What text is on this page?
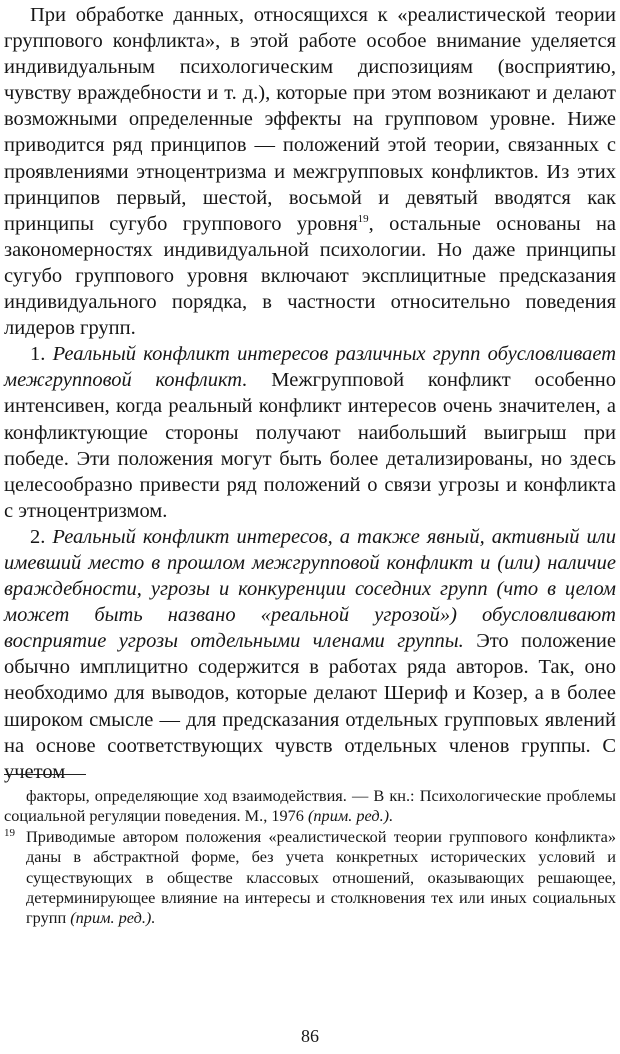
При обработке данных, относящихся к «реалистической теории группового конфликта», в этой работе особое внимание уделяется индивидуальным психологическим диспозициям (восприятию, чувству враждебности и т. д.), которые при этом возникают и делают возможными определенные эффекты на групповом уровне. Ниже приводится ряд принципов — положений этой теории, связанных с проявлениями этноцентризма и межгрупповых конфликтов. Из этих принципов первый, шестой, восьмой и девятый вводятся как принципы сугубо группового уровня$^{19}$, остальные основаны на закономерностях индивидуальной психологии. Но даже принципы сугубо группового уровня включают эксплицитные предсказания индивидуального порядка, в частности относительно поведения лидеров групп.

1. Реальный конфликт интересов различных групп обусловливает межгрупповой конфликт. Межгрупповой конфликт особенно интенсивен, когда реальный конфликт интересов очень значителен, а конфликтующие стороны получают наибольший выигрыш при победе. Эти положения могут быть более детализированы, но здесь целесообразно привести ряд положений о связи угрозы и конфликта с этноцентризмом.

2. Реальный конфликт интересов, а также явный, активный или имевший место в прошлом межгрупповой конфликт и (или) наличие враждебности, угрозы и конкуренции соседних групп (что в целом может быть названо «реальной угрозой») обусловливают восприятие угрозы отдельными членами группы. Это положение обычно имплицитно содержится в работах ряда авторов. Так, оно необходимо для выводов, которые делают Шериф и Козер, а в более широком смысле — для предсказания отдельных групповых явлений на основе соответствующих чувств отдельных членов группы. С учетом

факторы, определяющие ход взаимодействия. — В кн.: Психологические проблемы социальной регуляции поведения. М., 1976 (прим. ред.).

19 Приводимые автором положения «реалистической теории группового конфликта» даны в абстрактной форме, без учета конкретных исторических условий и существующих в обществе классовых отношений, оказывающих решающее, детерминирующее влияние на интересы и столкновения тех или иных социальных групп (прим. ред.).

86
